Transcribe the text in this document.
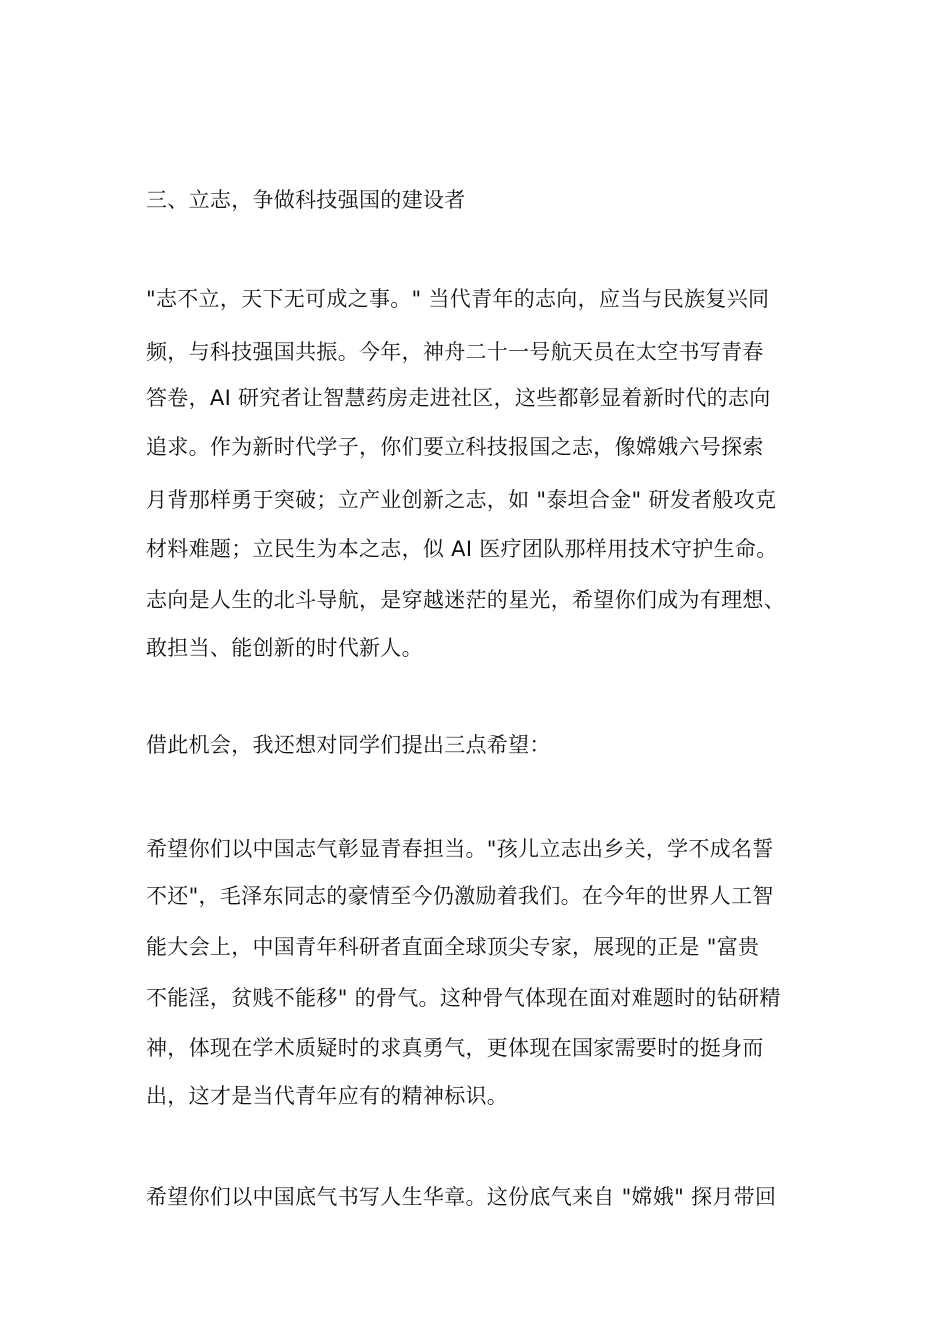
三、立志，争做科技强国的建设者

"志不立，天下无可成之事。" 当代青年的志向，应当与民族复兴同

频，与科技强国共振。今年，神舟二十一号航天员在太空书写青春

答卷，AI 研究者让智慧药房走进社区，这些都彰显着新时代的志向

追求。作为新时代学子，你们要立科技报国之志，像嫦娥六号探索

月背那样勇于突破；立产业创新之志，如 "泰坦合金" 研发者般攻克

材料难题；立民生为本之志，似 AI 医疗团队那样用技术守护生命。

志向是人生的北斗导航，是穿越迷茫的星光，希望你们成为有理想、

敢担当、能创新的时代新人。

借此机会，我还想对同学们提出三点希望：

希望你们以中国志气彰显青春担当。"孩儿立志出乡关，学不成名誓

不还"，毛泽东同志的豪情至今仍激励着我们。在今年的世界人工智

能大会上，中国青年科研者直面全球顶尖专家，展现的正是 "富贵

不能淫，贫贱不能移" 的骨气。这种骨气体现在面对难题时的钻研精

神，体现在学术质疑时的求真勇气，更体现在国家需要时的挺身而

出，这才是当代青年应有的精神标识。

希望你们以中国底气书写人生华章。这份底气来自 "嫦娥" 探月带回
